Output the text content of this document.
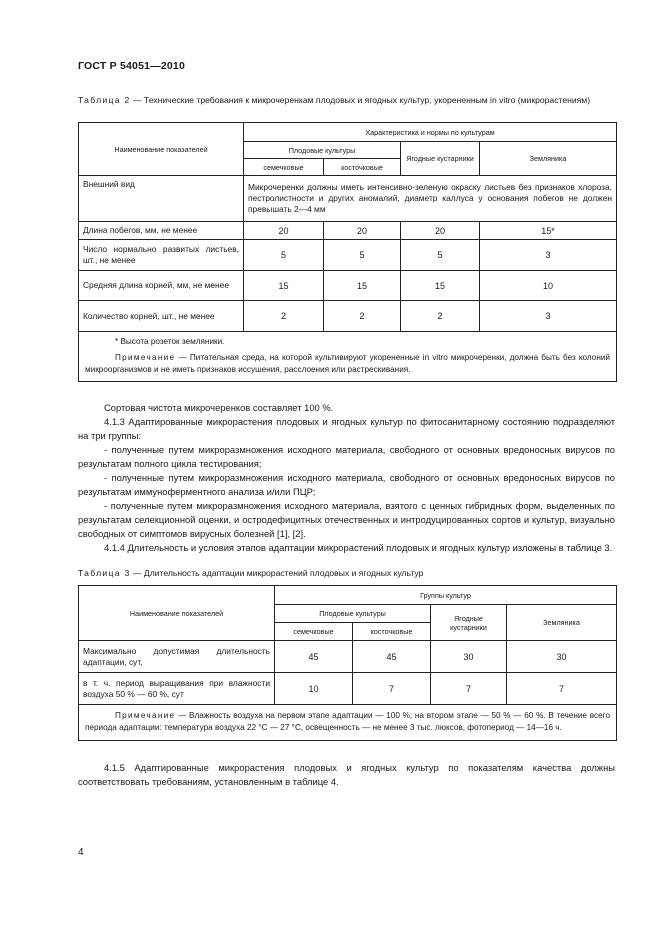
ГОСТ Р 54051—2010
Таблица 2 — Технические требования к микрочеренкам плодовых и ягодных культур, укорененным in vitro (микрорастениям)
Наименование показателей	Характеристика и нормы по культурам			
	Плодовые культуры		Ягодные кустарники	Земляника
	семечковые	косточковые		
Внешний вид	Микрочеренки должны иметь интенсивно-зеленую окраску листьев без признаков хлороза, пестролистности и других аномалий, диаметр каллуса у основания побегов не должен превышать 2—4 мм			
Длина побегов, мм, не менее	20	20	20	15*
Число нормально развитых листьев, шт., не менее	5	5	5	3
Средняя длина корней, мм, не менее	15	15	15	10
Количество корней, шт., не менее	2	2	2	3

* Высота розеток земляники.
Примечание — Питательная среда, на которой культивируют укорененные in vitro микрочеренки, должна быть без колоний микроорганизмов и не иметь признаков иссушения, расслоения или растрескивания.				

Сортовая чистота микрочеренков составляет 100 %.

4.1.3 Адаптированные микрорастения плодовых и ягодных культур по фитосанитарному состоянию подразделяют на три группы:

- полученные путем микроразмножения исходного материала, свободного от основных вредоносных вирусов по результатам полного цикла тестирования;

- полученные путем микроразмножения исходного материала, свободного от основных вредоносных вирусов по результатам иммуноферментного анализа и/или ПЦР;

- полученные путем микроразмножения исходного материала, взятого с ценных гибридных форм, выделенных по результатам селекционной оценки, и остродефицитных отечественных и интродуцированных сортов и культур, визуально свободных от симптомов вирусных болезней [1], [2].

4.1.4 Длительность и условия этапов адаптации микрорастений плодовых и ягодных культур изложены в таблице 3.

Таблица 3 — Длительность адаптации микрорастений плодовых и ягодных культур
Наименование показателей	Группы культур			
	Плодовые культуры		Ягодные кустарники	Земляника
	семечковые	косточковые		
Максимально допустимая длительность адаптации, сут,	45	45	30	30
в т. ч. период выращивания при влажности воздуха 50 % — 60 %, сут	10	7	7	7
Примечание — Влажность воздуха на первом этапе адаптации — 100 %; на втором этапе — 50 % — 60 %. В течение всего периода адаптации: температура воздуха 22 °С — 27 °С, освещенность — не менее 3 тыс. люксов, фотопериод — 14—16 ч.				

4.1.5 Адаптированные микрорастения плодовых и ягодных культур по показателям качества должны соответствовать требованиям, установленным в таблице 4.

4
